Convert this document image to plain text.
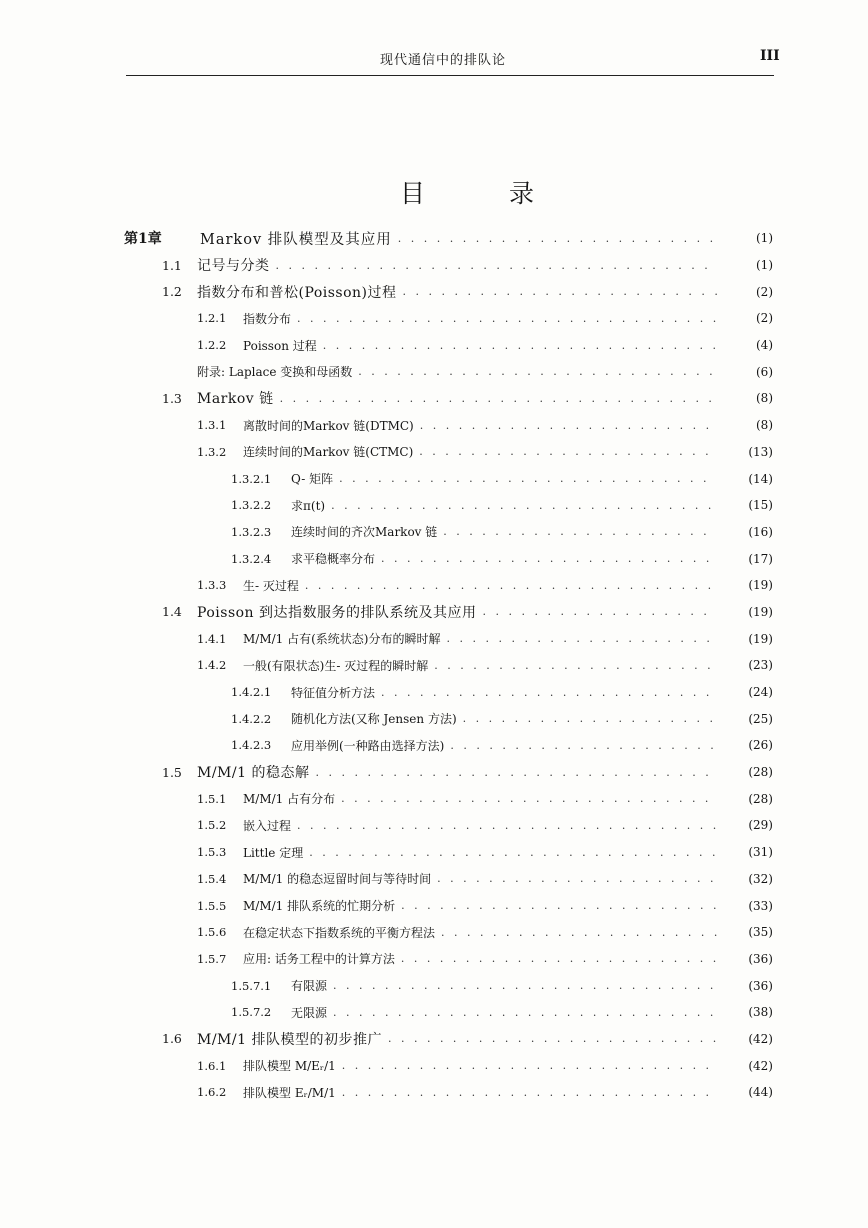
现代通信中的排队论	III
目 录
第1章	Markov 排队模型及其应用 . . .	(1)
1.1	记号与分类 . . .	(1)
1.2	指数分布和普松(Poisson)过程 . . .	(2)
1.2.1	指数分布 . . .	(2)
1.2.2	Poisson 过程 . . .	(4)
附录: Laplace 变换和母函数 . . .	(6)
1.3	Markov 链 . . .	(8)
1.3.1	离散时间的Markov 链(DTMC) . . .	(8)
1.3.2	连续时间的Markov 链(CTMC) . . .	(13)
1.3.2.1	Q- 矩阵 . . .	(14)
1.3.2.2	求π(t) . . .	(15)
1.3.2.3	连续时间的齐次Markov 链 . . .	(16)
1.3.2.4	求平稳概率分布 . . .	(17)
1.3.3	生- 灭过程 . . .	(19)
1.4	Poisson 到达指数服务的排队系统及其应用 . . .	(19)
1.4.1	M/M/1 占有(系统状态)分布的瞬时解 . . .	(19)
1.4.2	一般(有限状态)生- 灭过程的瞬时解 . . .	(23)
1.4.2.1	特征值分析方法 . . .	(24)
1.4.2.2	随机化方法(又称 Jensen 方法) . . .	(25)
1.4.2.3	应用举例(一种路由选择方法) . . .	(26)
1.5	M/M/1 的稳态解 . . .	(28)
1.5.1	M/M/1 占有分布 . . .	(28)
1.5.2	嵌入过程 . . .	(29)
1.5.3	Little 定理 . . .	(31)
1.5.4	M/M/1 的稳态逗留时间与等待时间 . . .	(32)
1.5.5	M/M/1 排队系统的忙期分析 . . .	(33)
1.5.6	在稳定状态下指数系统的平衡方程法 . . .	(35)
1.5.7	应用: 话务工程中的计算方法 . . .	(36)
1.5.7.1	有限源 . . .	(36)
1.5.7.2	无限源 . . .	(38)
1.6	M/M/1 排队模型的初步推广 . . .	(42)
1.6.1	排队模型 M/Eᵣ/1 . . .	(42)
1.6.2	排队模型 Eᵣ/M/1 . . .	(44)
